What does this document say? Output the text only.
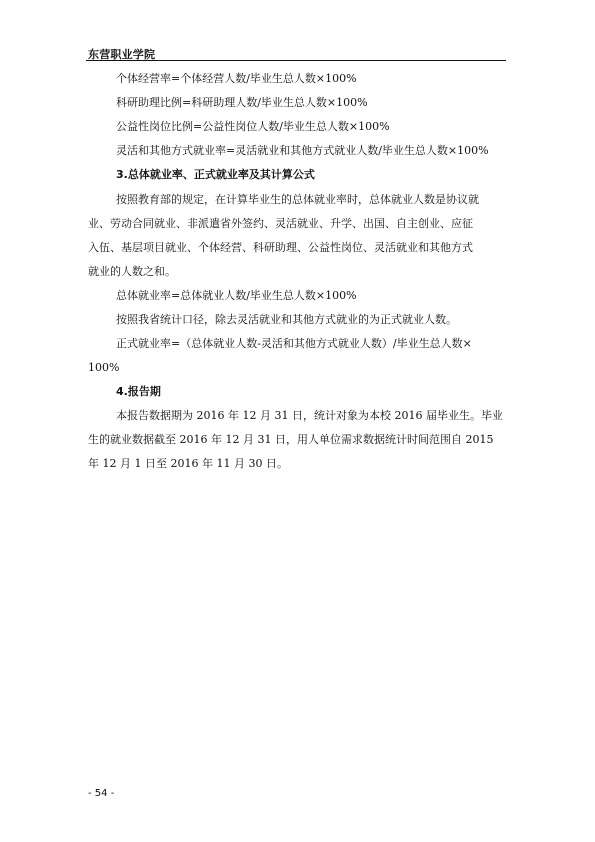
东营职业学院
个体经营率=个体经营人数/毕业生总人数×100%
科研助理比例=科研助理人数/毕业生总人数×100%
公益性岗位比例=公益性岗位人数/毕业生总人数×100%
灵活和其他方式就业率=灵活就业和其他方式就业人数/毕业生总人数×100%
3.总体就业率、正式就业率及其计算公式
按照教育部的规定，在计算毕业生的总体就业率时，总体就业人数是协议就
业、劳动合同就业、非派遣省外签约、灵活就业、升学、出国、自主创业、应征
入伍、基层项目就业、个体经营、科研助理、公益性岗位、灵活就业和其他方式
就业的人数之和。
总体就业率=总体就业人数/毕业生总人数×100%
按照我省统计口径，除去灵活就业和其他方式就业的为正式就业人数。
正式就业率=（总体就业人数-灵活和其他方式就业人数）/毕业生总人数×
100%
4.报告期
本报告数据期为 2016 年 12 月 31 日，统计对象为本校 2016 届毕业生。毕业
生的就业数据截至 2016 年 12 月 31 日，用人单位需求数据统计时间范围自 2015
年 12 月 1 日至 2016 年 11 月 30 日。
- 54 -
